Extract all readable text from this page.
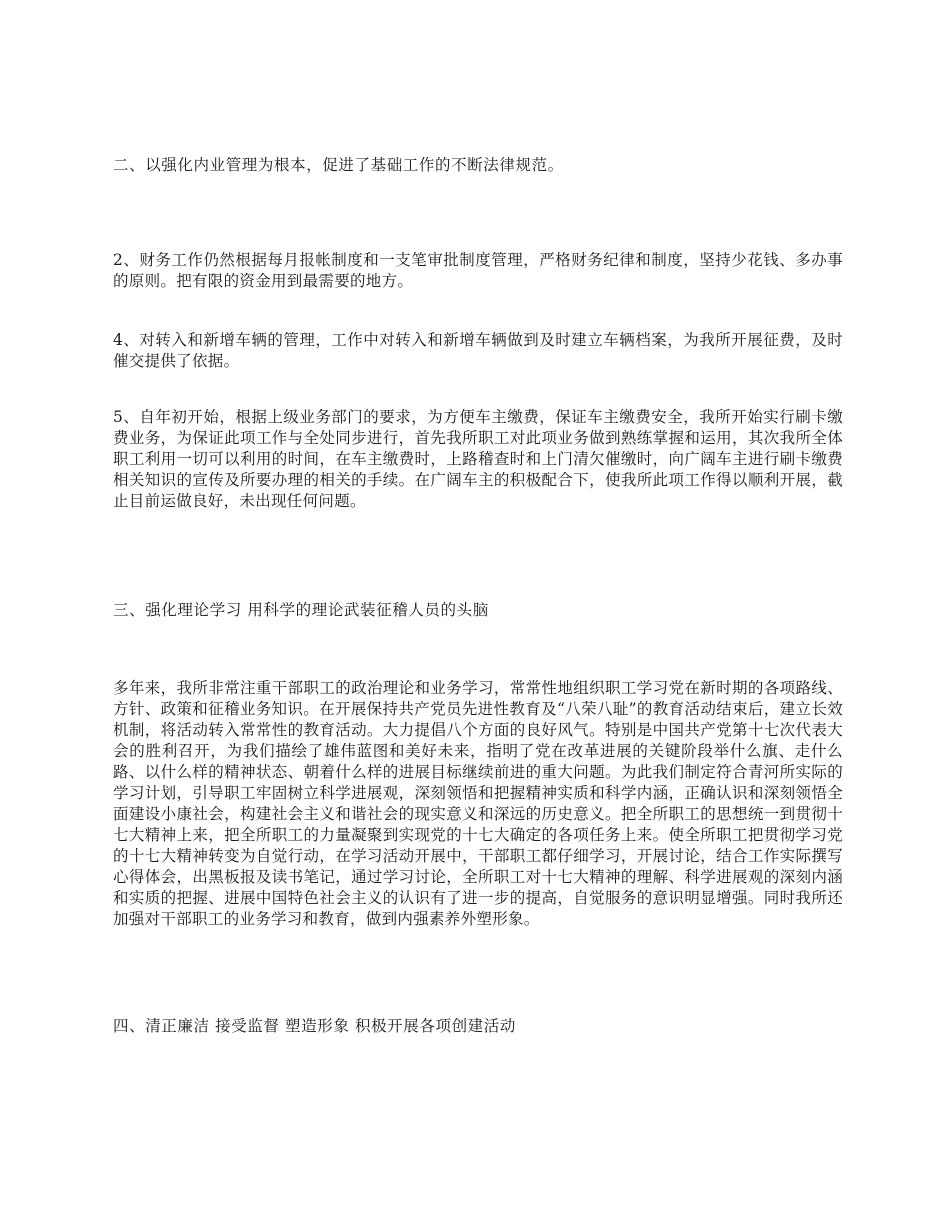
二、以强化内业管理为根本，促进了基础工作的不断法律规范。

2、财务工作仍然根据每月报帐制度和一支笔审批制度管理，严格财务纪律和制度，坚持少花钱、多办事的原则。把有限的资金用到最需要的地方。

4、对转入和新增车辆的管理，工作中对转入和新增车辆做到及时建立车辆档案，为我所开展征费，及时催交提供了依据。

5、自年初开始，根据上级业务部门的要求，为方便车主缴费，保证车主缴费安全，我所开始实行刷卡缴费业务，为保证此项工作与全处同步进行，首先我所职工对此项业务做到熟练掌握和运用，其次我所全体职工利用一切可以利用的时间，在车主缴费时，上路稽查时和上门清欠催缴时，向广阔车主进行刷卡缴费相关知识的宣传及所要办理的相关的手续。在广阔车主的积极配合下，使我所此项工作得以顺利开展，截止目前运做良好，未出现任何问题。

三、强化理论学习 用科学的理论武装征稽人员的头脑

多年来，我所非常注重干部职工的政治理论和业务学习，常常性地组织职工学习党在新时期的各项路线、方针、政策和征稽业务知识。在开展保持共产党员先进性教育及“八荣八耻”的教育活动结束后，建立长效机制，将活动转入常常性的教育活动。大力提倡八个方面的良好风气。特别是中国共产党第十七次代表大会的胜利召开，为我们描绘了雄伟蓝图和美好未来，指明了党在改革进展的关键阶段举什么旗、走什么路、以什么样的精神状态、朝着什么样的进展目标继续前进的重大问题。为此我们制定符合青河所实际的学习计划，引导职工牢固树立科学进展观，深刻领悟和把握精神实质和科学内涵，正确认识和深刻领悟全面建设小康社会，构建社会主义和谐社会的现实意义和深远的历史意义。把全所职工的思想统一到贯彻十七大精神上来，把全所职工的力量凝聚到实现党的十七大确定的各项任务上来。使全所职工把贯彻学习党的十七大精神转变为自觉行动，在学习活动开展中，干部职工都仔细学习，开展讨论，结合工作实际撰写心得体会，出黑板报及读书笔记，通过学习讨论，全所职工对十七大精神的理解、科学进展观的深刻内涵和实质的把握、进展中国特色社会主义的认识有了进一步的提高，自觉服务的意识明显增强。同时我所还加强对干部职工的业务学习和教育，做到内强素养外塑形象。

四、清正廉洁 接受监督 塑造形象 积极开展各项创建活动
